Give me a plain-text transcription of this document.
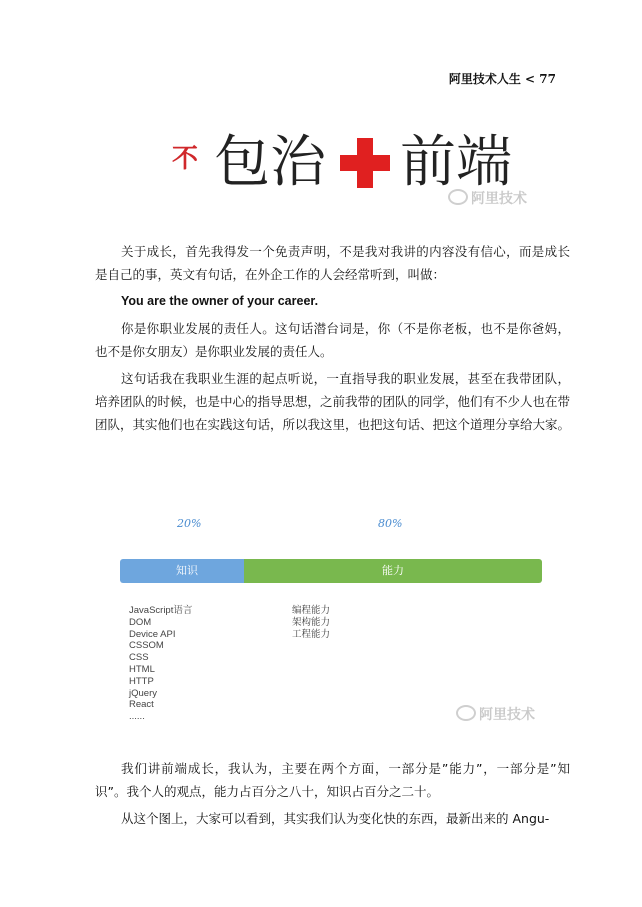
阿里技术人生 < 77
不 包治 前端
阿里技术

关于成长，首先我得发一个免责声明，不是我对我讲的内容没有信心，而是成长是自己的事，英文有句话，在外企工作的人会经常听到，叫做：

You are the owner of your career.

你是你职业发展的责任人。这句话潜台词是，你（不是你老板，也不是你爸妈，也不是你女朋友）是你职业发展的责任人。

这句话我在我职业生涯的起点听说，一直指导我的职业发展，甚至在我带团队，培养团队的时候，也是中心的指导思想，之前我带的团队的同学，他们有不少人也在带团队，其实他们也在实践这句话，所以我这里，也把这句话、把这个道理分享给大家。

20%	80%
知识	能力
JavaScript语言
DOM
Device API
CSSOM
CSS
HTML
HTTP
jQuery
React
......
编程能力
架构能力
工程能力
阿里技术

我们讲前端成长，我认为，主要在两个方面，一部分是”能力”，一部分是”知识”。我个人的观点，能力占百分之八十，知识占百分之二十。

从这个图上，大家可以看到，其实我们认为变化快的东西，最新出来的 Angu-
